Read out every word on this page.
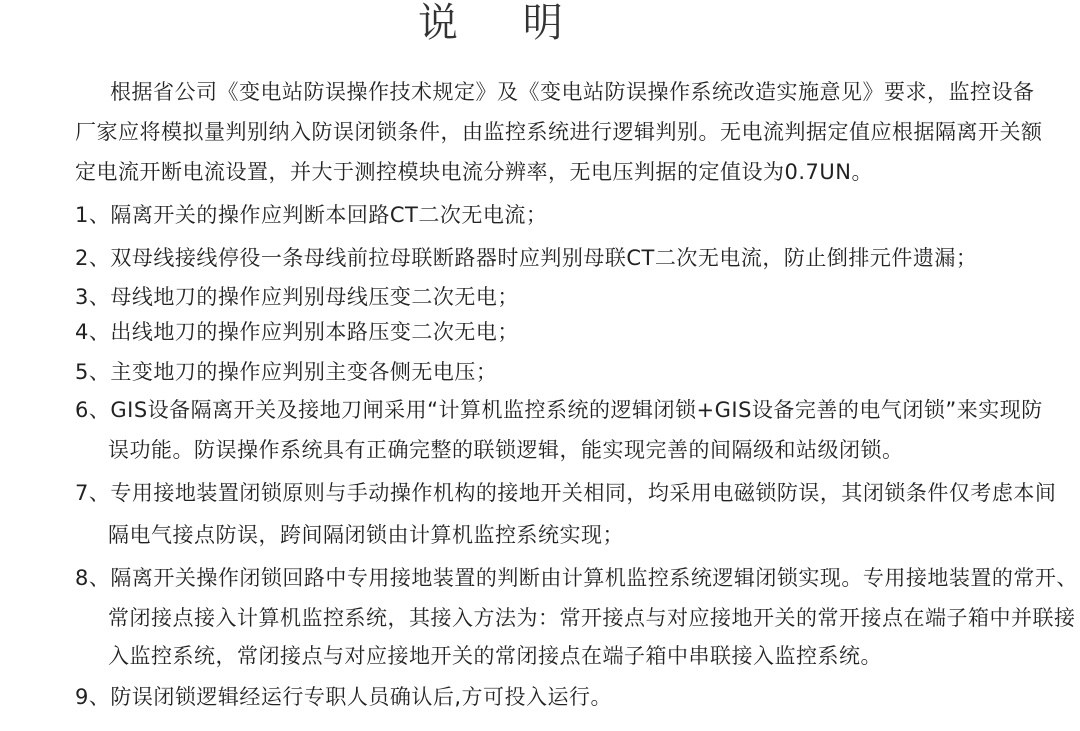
说 明
根据省公司《变电站防误操作技术规定》及《变电站防误操作系统改造实施意见》要求，监控设备
厂家应将模拟量判别纳入防误闭锁条件，由监控系统进行逻辑判别。无电流判据定值应根据隔离开关额
定电流开断电流设置，并大于测控模块电流分辨率，无电压判据的定值设为0.7UN。
1、隔离开关的操作应判断本回路CT二次无电流；
2、双母线接线停役一条母线前拉母联断路器时应判别母联CT二次无电流，防止倒排元件遗漏；
3、母线地刀的操作应判别母线压变二次无电；
4、出线地刀的操作应判别本路压变二次无电；
5、主变地刀的操作应判别主变各侧无电压；
6、GIS设备隔离开关及接地刀闸采用“计算机监控系统的逻辑闭锁+GIS设备完善的电气闭锁”来实现防
误功能。防误操作系统具有正确完整的联锁逻辑，能实现完善的间隔级和站级闭锁。
7、专用接地装置闭锁原则与手动操作机构的接地开关相同，均采用电磁锁防误，其闭锁条件仅考虑本间
隔电气接点防误，跨间隔闭锁由计算机监控系统实现；
8、隔离开关操作闭锁回路中专用接地装置的判断由计算机监控系统逻辑闭锁实现。专用接地装置的常开、
常闭接点接入计算机监控系统，其接入方法为：常开接点与对应接地开关的常开接点在端子箱中并联接
入监控系统，常闭接点与对应接地开关的常闭接点在端子箱中串联接入监控系统。
9、防误闭锁逻辑经运行专职人员确认后,方可投入运行。
